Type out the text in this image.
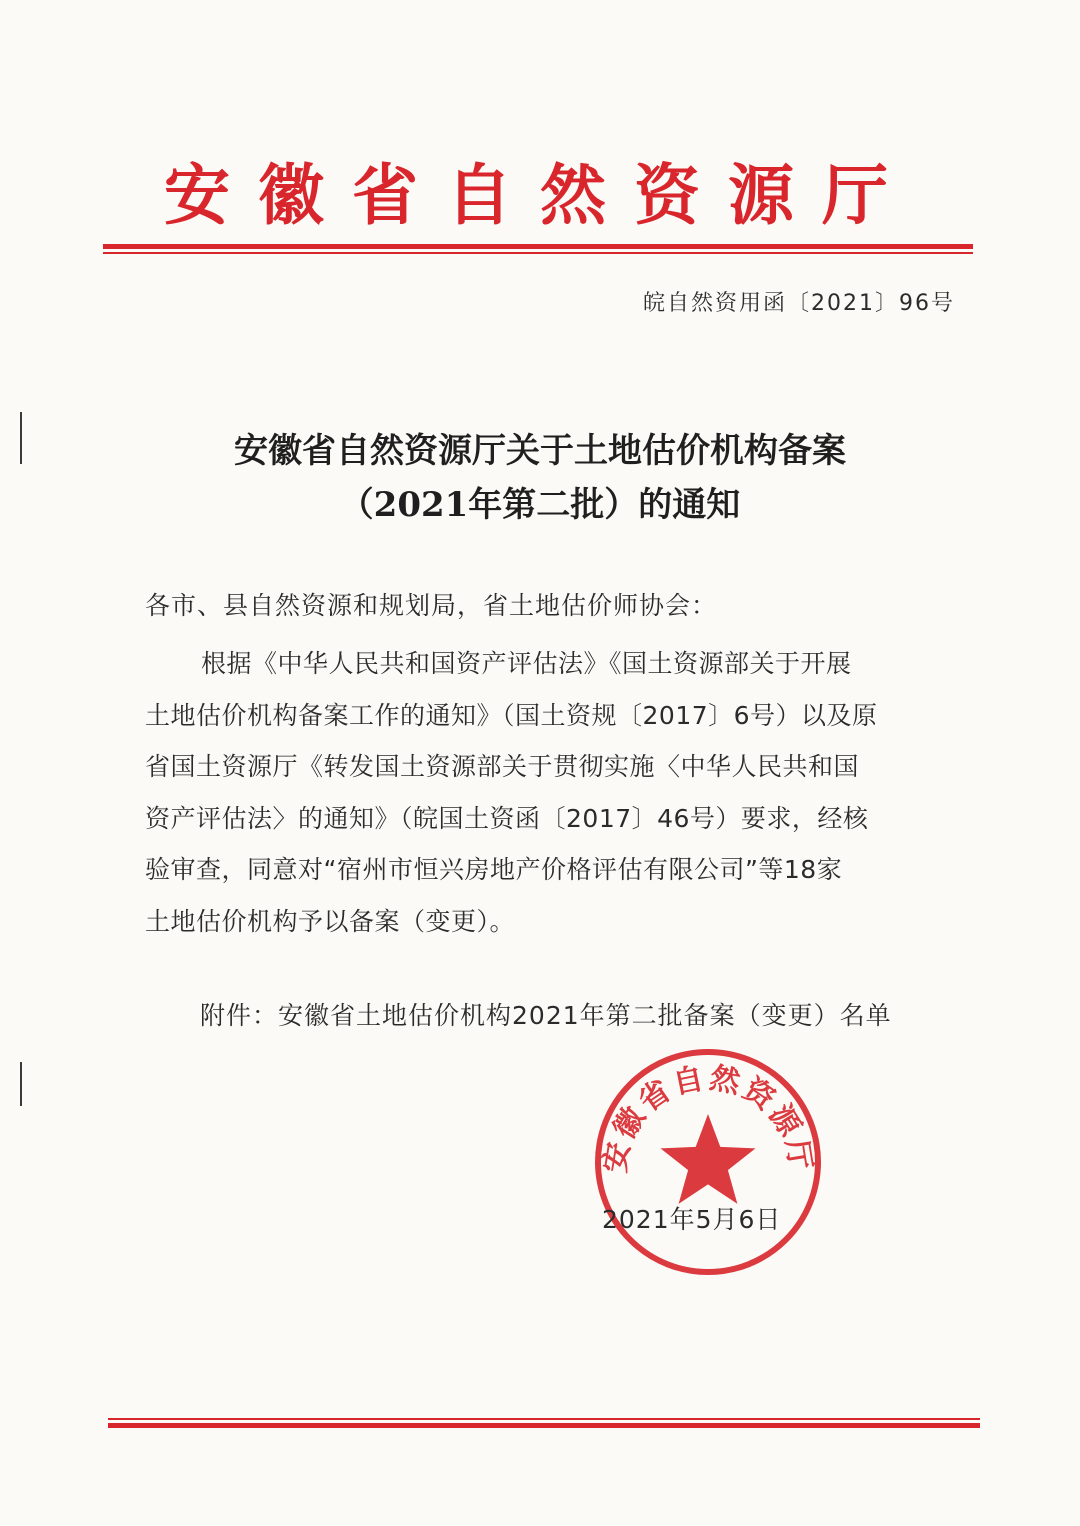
安徽省自然资源厅
皖自然资用函〔2021〕96号
安徽省自然资源厅关于土地估价机构备案
（2021年第二批）的通知
各市、县自然资源和规划局，省土地估价师协会：
根据《中华人民共和国资产评估法》《国土资源部关于开展
土地估价机构备案工作的通知》（国土资规〔2017〕6号）以及原
省国土资源厅《转发国土资源部关于贯彻实施〈中华人民共和国
资产评估法〉的通知》（皖国土资函〔2017〕46号）要求，经核
验审查，同意对“宿州市恒兴房地产价格评估有限公司”等18家
土地估价机构予以备案（变更）。
附件：安徽省土地估价机构2021年第二批备案（变更）名单
安徽省自然资源厅
2021年5月6日
